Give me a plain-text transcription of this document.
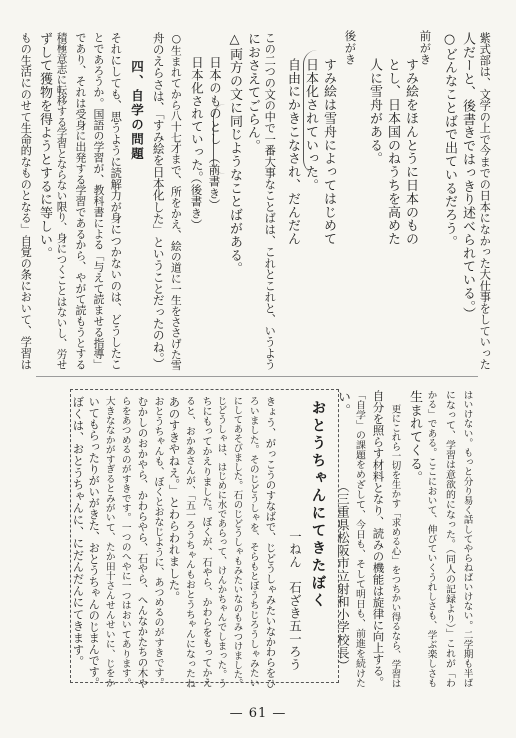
紫式部は、文学の上で今までの日本になかった大仕事をしていった
人だーと、後書きではっきり述べられている。）
○どんなことばで出ているだろう。
前がき
すみ絵をほんとうに日本のもの
とし、日本国のねうちを高めた
人に雪舟がある。
後がき
すみ絵は雪舟によってはじめて
日本化されていった。
自由にかきこなされ、だんだん
この二つの文の中で一番大事なことばは、これとこれと、いうよう
におさえてごらん。
△両方の文に同じようなことばがある。
日本のものとし
（前書き）
日本化されていった。
（後書き）
○生まれてから八十七才まで、所をかえ、絵の道に一生をささげた雪
舟のえらさは、「すみ絵を日本化した」ということだったのね。）
四、自学の問題
それにしても、思うように読解力が身につかないのは、どうしたこ
とであろうか。国語の学習が、教科書による「与えて読ませる指導」
であり、それは受身に出発する学習であるから、やがて読もうとする
積極意志に転移する学習とならない限り、身につくことはないし、労せ
ずして獲物を得ようとするに等しい。
もの生活にのせて生命的なものとなる」自覚の条において、学習は
はいけない。もっと分り易く話してやらねばいけない。二学期も半ば
になって、学習は意欲的になった。（同人の記録より）」これが「わ
かる」である。ここにおいて、伸びていくうれしさも、学ぶ楽しさも
生まれてくる。
更にこれら一切を生かす「求める心」をつちかい得るなら、学習は
自分を照らす材料となり、読みの機能は旋律に向上する。
「自学」の課題をめざして、今日も、そして明日も、前進を続けた
い。
（三重県松阪市立射和小学校長）
おとうちゃんにてきたぼく
一ねん　石ざき五一ろう
きょう、がっこうのすなばで、じどうしゃみたいなかわらをひ
ろいました。そのじどうしゃを、そらもとぼうちじろうしゃみたい
にしてあそびました。石のじどうしゃもみたいなのもみつけました。
じどうしゃは、はじめに水であらって、けんかちゃんでしまった。う
ちにもってかえりました。ぼくが、石やら、かわらをもってかえ
ると、おかあさんが、「五一ろうちゃんもおとうちゃんになったね
あのすきやねえ。」とわらわれました。
おとうちゃんも、ぼくとおなじように、あつめるのがすきです。
むかしのおかやら、かわらやら、石やら、へんなかたちの木や
らをあつめるのがすきです。一つのへやに一つはおいてあります。
大きななかがすぎるとみがいて、たか田十さんせんせいに、じをか
いてもらったりがいがきた、おとうちゃんのじまんです。
ぼくは、おとうちゃんに、にだんだんにてきます。
— 61 —
